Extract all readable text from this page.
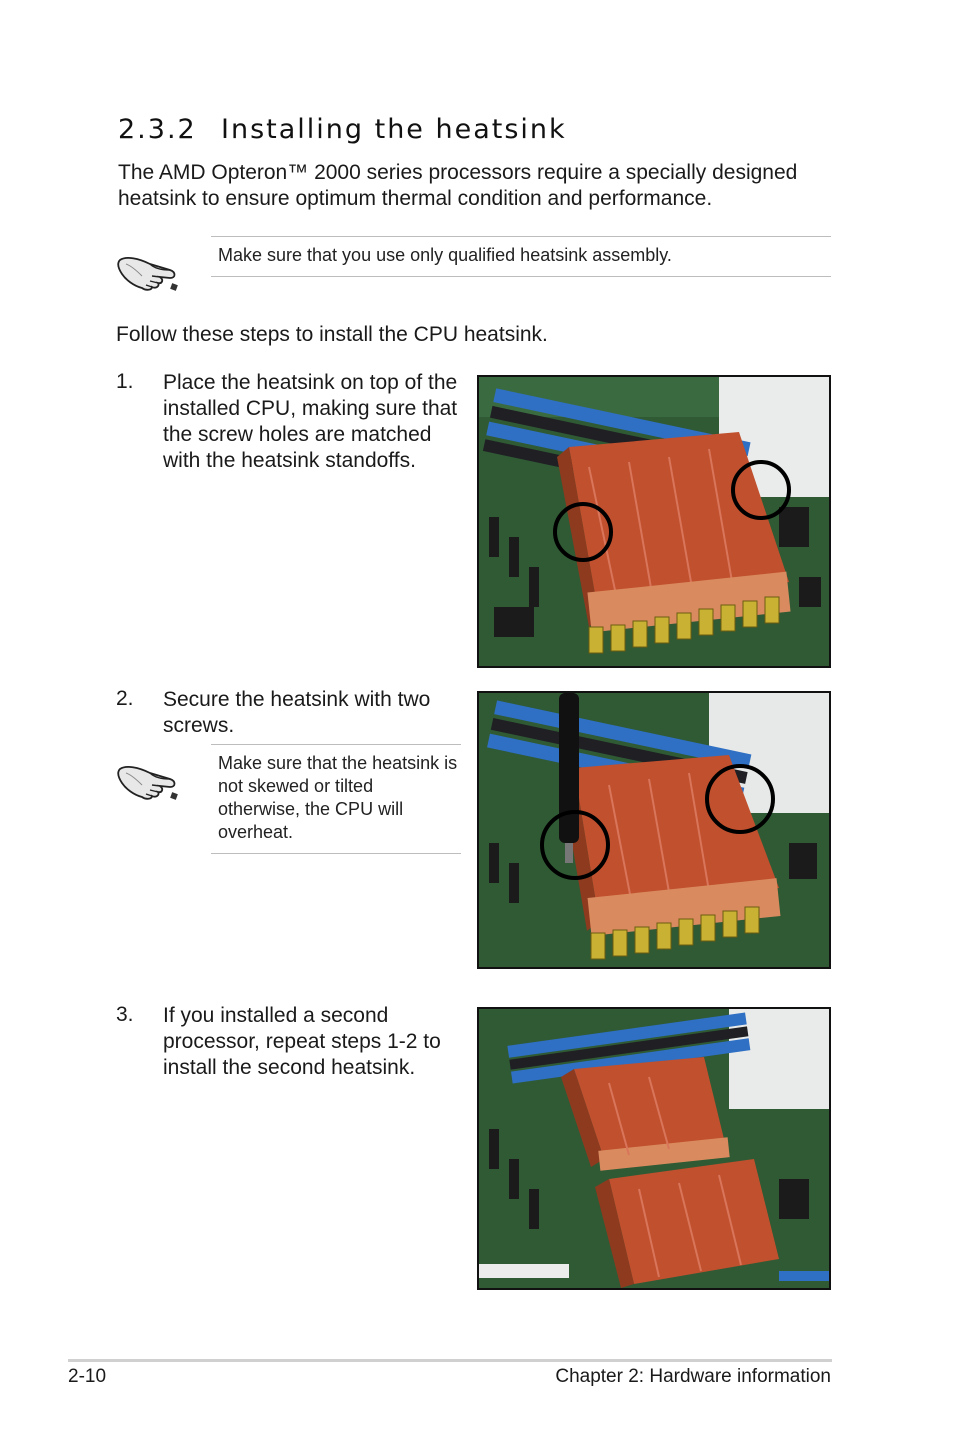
2.3.2 Installing the heatsink
The AMD Opteron™ 2000 series processors require a specially designed heatsink to ensure optimum thermal condition and performance.
Make sure that you use only qualified heatsink assembly.
Follow these steps to install the CPU heatsink.
1. Place the heatsink on top of the installed CPU, making sure that the screw holes are matched with the heatsink standoffs.
2. Secure the heatsink with two screws.
Make sure that the heatsink is not skewed or tilted otherwise, the CPU will overheat.
3. If you installed a second processor, repeat steps 1-2 to install the second heatsink.
2-10	Chapter 2: Hardware information
